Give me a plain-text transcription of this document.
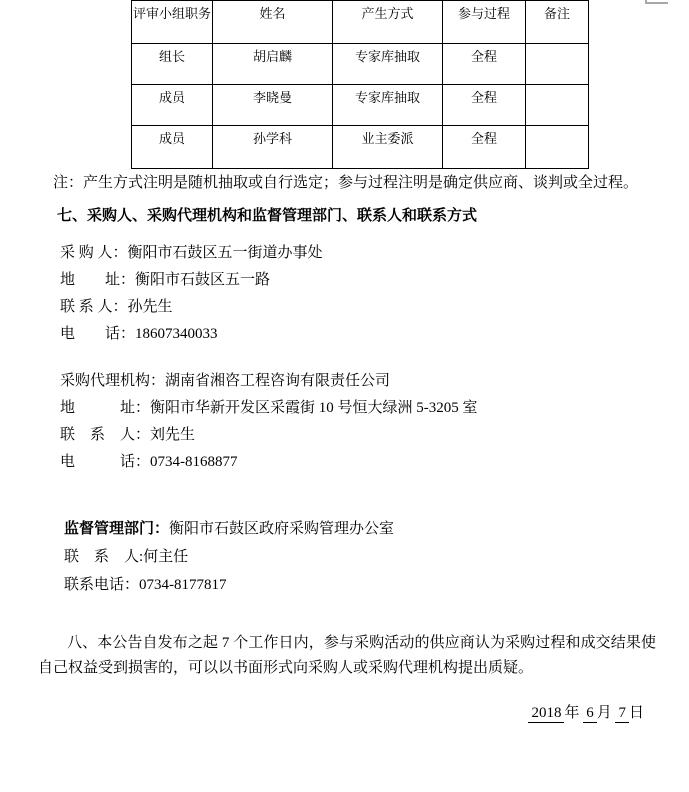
评审小组职务	姓名	产生方式	参与过程	备注
组长	胡启麟	专家库抽取	全程	
成员	李晓曼	专家库抽取	全程	
成员	孙学科	业主委派	全程	
注：产生方式注明是随机抽取或自行选定；参与过程注明是确定供应商、谈判或全过程。
七、采购人、采购代理机构和监督管理部门、联系人和联系方式
采 购 人：衡阳市石鼓区五一街道办事处
地　　址：衡阳市石鼓区五一路
联 系 人：孙先生
电　　话：18607340033
采购代理机构：湖南省湘咨工程咨询有限责任公司
地　　　址：衡阳市华新开发区采霞街 10 号恒大绿洲 5-3205 室
联　系　人：刘先生
电　　　话：0734-8168877
监督管理部门：衡阳市石鼓区政府采购管理办公室
联　系　人:何主任
联系电话：0734-8177817
八、本公告自发布之起 7 个工作日内，参与采购活动的供应商认为采购过程和成交结果使自己权益受到损害的，可以以书面形式向采购人或采购代理机构提出质疑。
2018 年 6 月 7 日
